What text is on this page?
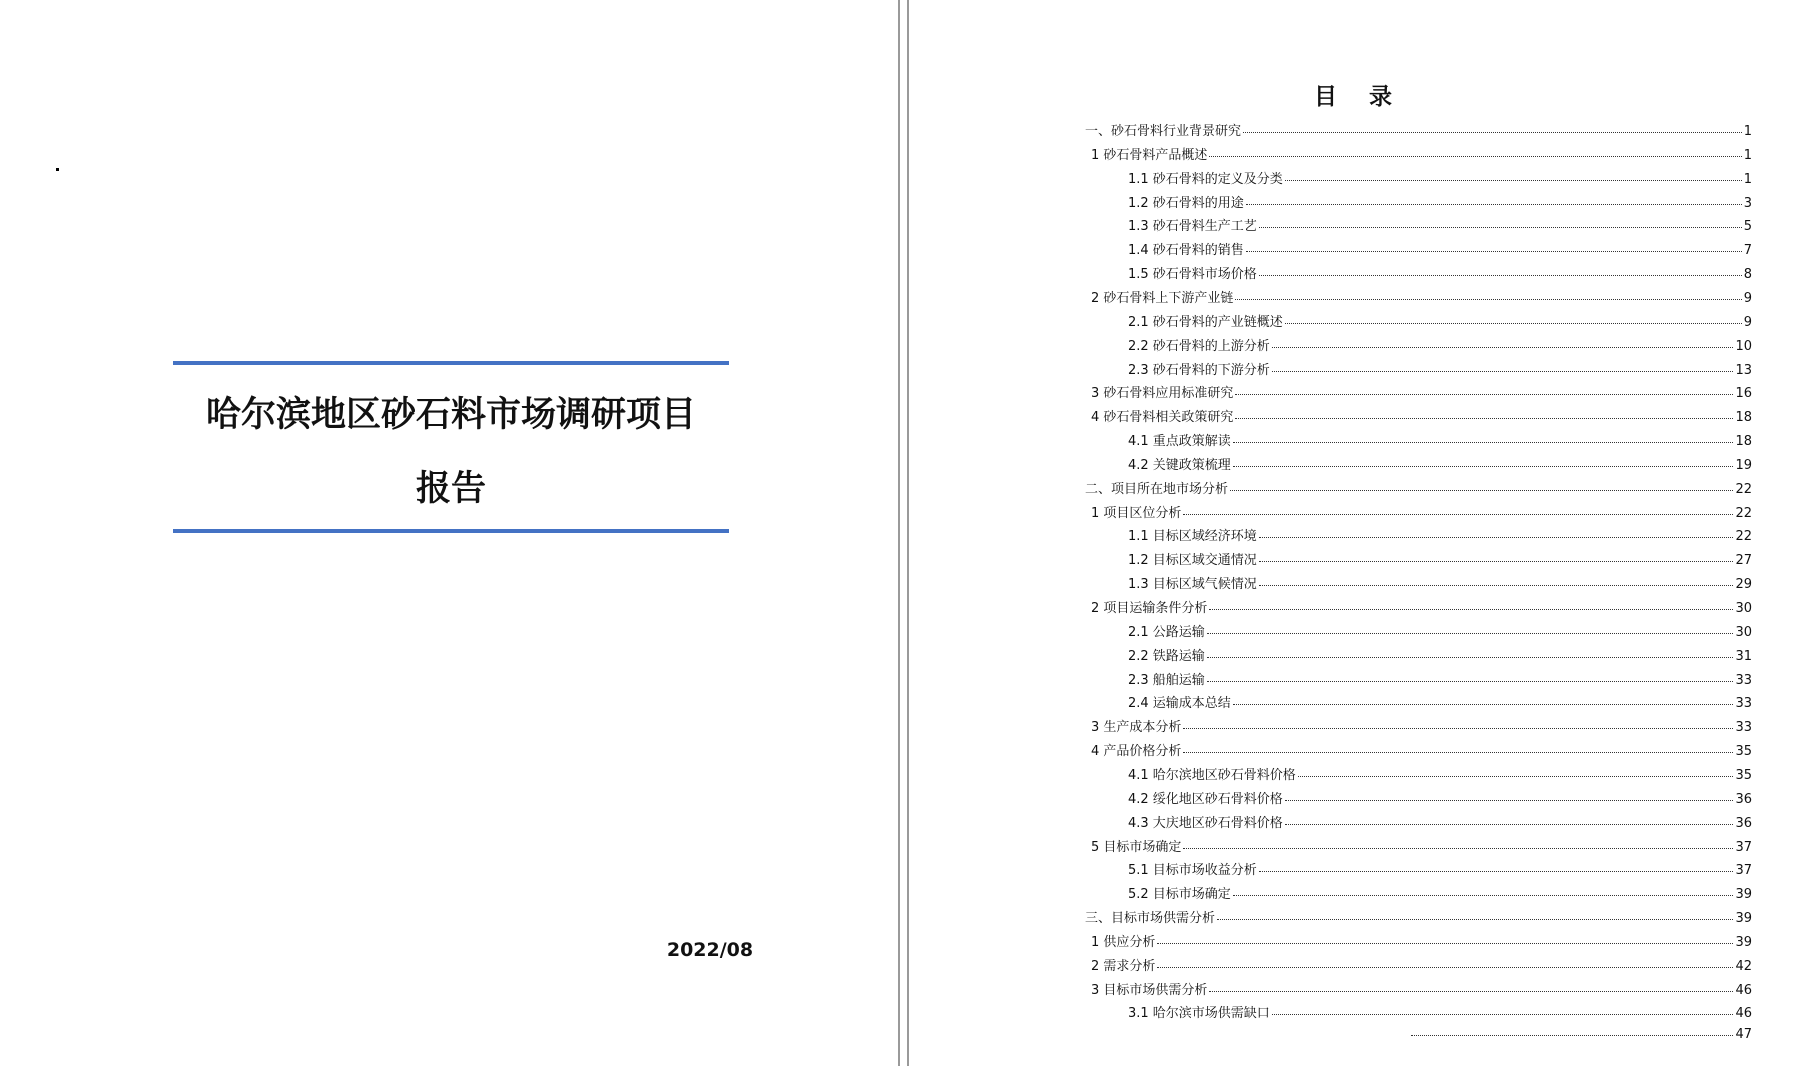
哈尔滨地区砂石料市场调研项目
报告
2022/08
目 录
一、砂石骨料行业背景研究	1
1 砂石骨料产品概述	1
1.1 砂石骨料的定义及分类	1
1.2 砂石骨料的用途	3
1.3 砂石骨料生产工艺	5
1.4 砂石骨料的销售	7
1.5 砂石骨料市场价格	8
2 砂石骨料上下游产业链	9
2.1 砂石骨料的产业链概述	9
2.2 砂石骨料的上游分析	10
2.3 砂石骨料的下游分析	13
3 砂石骨料应用标准研究	16
4 砂石骨料相关政策研究	18
4.1 重点政策解读	18
4.2 关键政策梳理	19
二、项目所在地市场分析	22
1 项目区位分析	22
1.1 目标区域经济环境	22
1.2 目标区域交通情况	27
1.3 目标区域气候情况	29
2 项目运输条件分析	30
2.1 公路运输	30
2.2 铁路运输	31
2.3 船舶运输	33
2.4 运输成本总结	33
3 生产成本分析	33
4 产品价格分析	35
4.1 哈尔滨地区砂石骨料价格	35
4.2 绥化地区砂石骨料价格	36
4.3 大庆地区砂石骨料价格	36
5 目标市场确定	37
5.1 目标市场收益分析	37
5.2 目标市场确定	39
三、目标市场供需分析	39
1 供应分析	39
2 需求分析	42
3 目标市场供需分析	46
3.1 哈尔滨市场供需缺口	46
47
